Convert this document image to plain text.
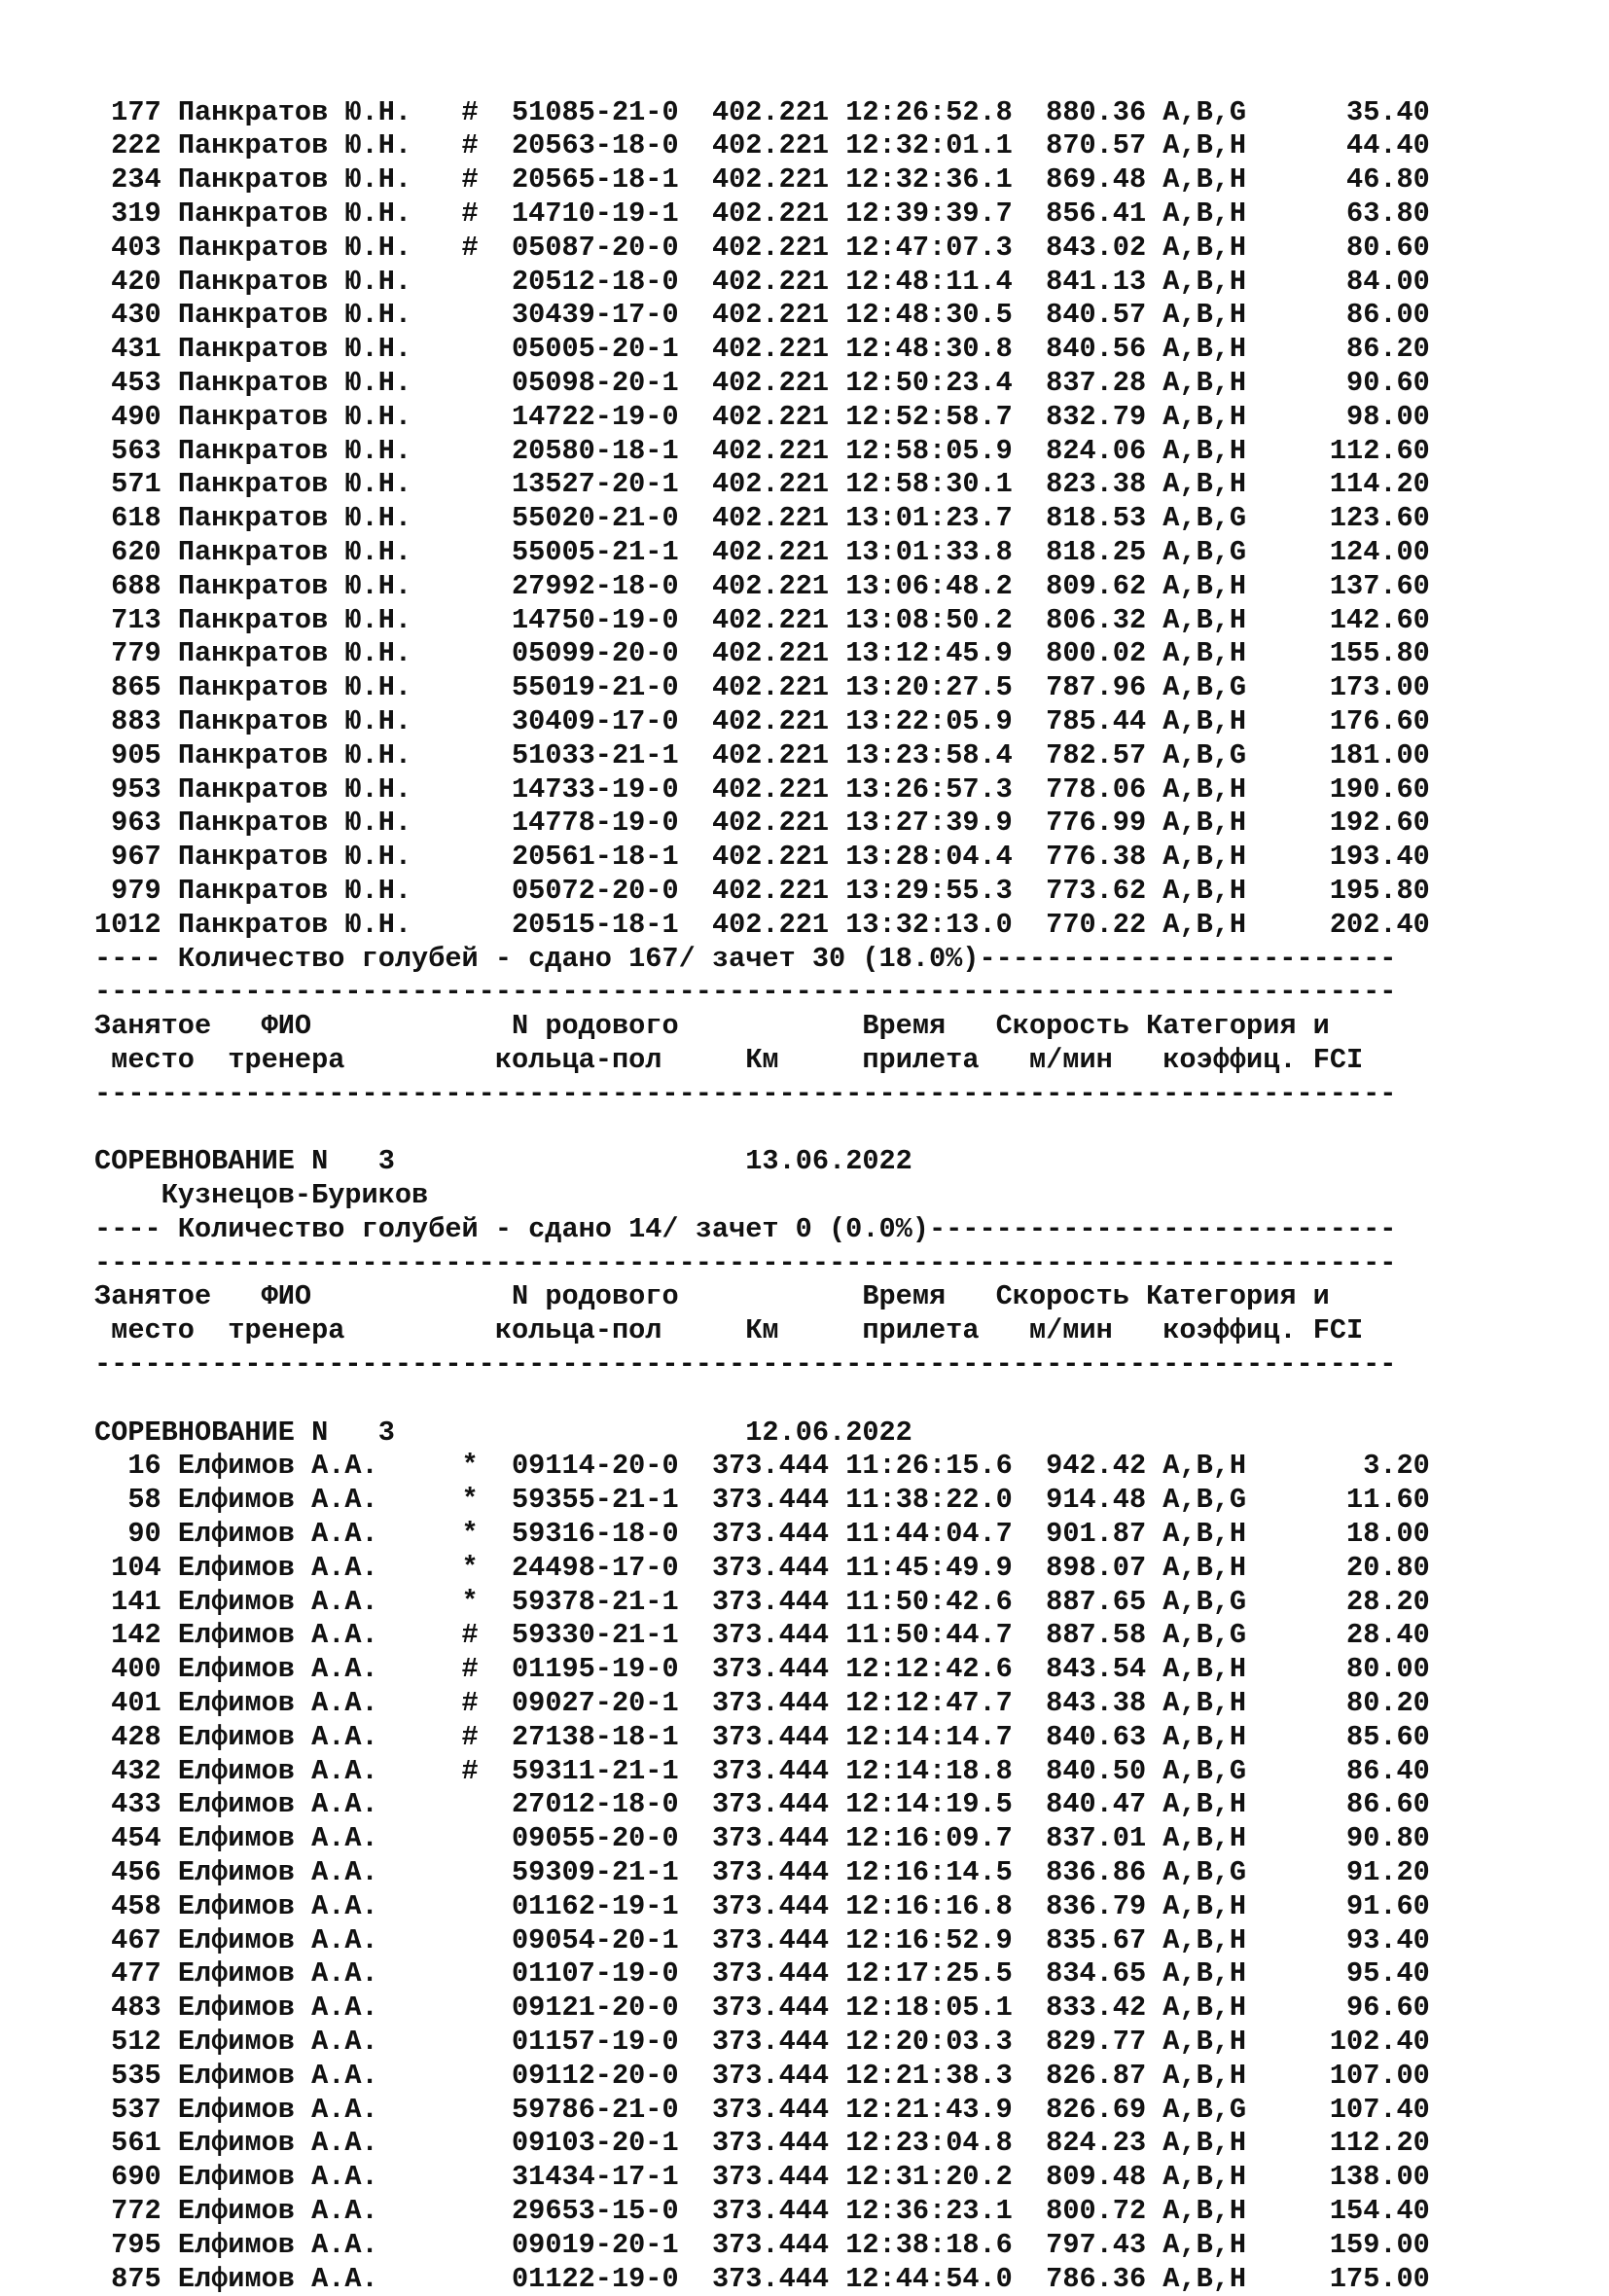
177 Панкратов Ю.Н.   #  51085-21-0 402.221 12:26:52.8 880.36 A,B,G      35.40
222 Панкратов Ю.Н.   #  20563-18-0 402.221 12:32:01.1 870.57 A,B,H      44.40
234 Панкратов Ю.Н.   #  20565-18-1 402.221 12:32:36.1 869.48 A,B,H      46.80
319 Панкратов Ю.Н.   #  14710-19-1 402.221 12:39:39.7 856.41 A,B,H      63.80
403 Панкратов Ю.Н.   #  05087-20-0 402.221 12:47:07.3 843.02 A,B,H      80.60
420 Панкратов Ю.Н.      20512-18-0 402.221 12:48:11.4 841.13 A,B,H      84.00
430 Панкратов Ю.Н.      30439-17-0 402.221 12:48:30.5 840.57 A,B,H      86.00
431 Панкратов Ю.Н.      05005-20-1 402.221 12:48:30.8 840.56 A,B,H      86.20
453 Панкратов Ю.Н.      05098-20-1 402.221 12:50:23.4 837.28 A,B,H      90.60
490 Панкратов Ю.Н.      14722-19-0 402.221 12:52:58.7 832.79 A,B,H      98.00
563 Панкратов Ю.Н.      20580-18-1 402.221 12:58:05.9 824.06 A,B,H     112.60
571 Панкратов Ю.Н.      13527-20-1 402.221 12:58:30.1 823.38 A,B,H     114.20
618 Панкратов Ю.Н.      55020-21-0 402.221 13:01:23.7 818.53 A,B,G     123.60
620 Панкратов Ю.Н.      55005-21-1 402.221 13:01:33.8 818.25 A,B,G     124.00
688 Панкратов Ю.Н.      27992-18-0 402.221 13:06:48.2 809.62 A,B,H     137.60
713 Панкратов Ю.Н.      14750-19-0 402.221 13:08:50.2 806.32 A,B,H     142.60
779 Панкратов Ю.Н.      05099-20-0 402.221 13:12:45.9 800.02 A,B,H     155.80
865 Панкратов Ю.Н.      55019-21-0 402.221 13:20:27.5 787.96 A,B,G     173.00
883 Панкратов Ю.Н.      30409-17-0 402.221 13:22:05.9 785.44 A,B,H     176.60
905 Панкратов Ю.Н.      51033-21-1 402.221 13:23:58.4 782.57 A,B,G     181.00
953 Панкратов Ю.Н.      14733-19-0 402.221 13:26:57.3 778.06 A,B,H     190.60
963 Панкратов Ю.Н.      14778-19-0 402.221 13:27:39.9 776.99 A,B,H     192.60
967 Панкратов Ю.Н.      20561-18-1 402.221 13:28:04.4 776.38 A,B,H     193.40
979 Панкратов Ю.Н.      05072-20-0 402.221 13:29:55.3 773.62 A,B,H     195.80
1012 Панкратов Ю.Н.      20515-18-1 402.221 13:32:13.0 770.22 A,B,H     202.40
---- Количество голубей - сдано 167/ зачет 30 (18.0%)-------------------------
------------------------------------------------------------------------------
Занятое ФИО	N родового	Время Скорость Категория и
место тренера	кольца-пол	Км	прилета м/мин коэффиц. FCI
------------------------------------------------------------------------------

СОРЕВНОВАНИЕ N 3	13.06.2022
Кузнецов-Буриков
---- Количество голубей - сдано 14/ зачет 0 (0.0%)----------------------------
------------------------------------------------------------------------------
Занятое ФИО	N родового	Время Скорость Категория и
место тренера	кольца-пол	Км	прилета м/мин коэффиц. FCI
------------------------------------------------------------------------------

СОРЕВНОВАНИЕ N 3	12.06.2022
16 Елфимов А.А.     *  09114-20-0 373.444 11:26:15.6 942.42 A,B,H       3.20
58 Елфимов А.А.     *  59355-21-1 373.444 11:38:22.0 914.48 A,B,G      11.60
90 Елфимов А.А.     *  59316-18-0 373.444 11:44:04.7 901.87 A,B,H      18.00
104 Елфимов А.А.     *  24498-17-0 373.444 11:45:49.9 898.07 A,B,H      20.80
141 Елфимов А.А.     *  59378-21-1 373.444 11:50:42.6 887.65 A,B,G      28.20
142 Елфимов А.А.     #  59330-21-1 373.444 11:50:44.7 887.58 A,B,G      28.40
400 Елфимов А.А.     #  01195-19-0 373.444 12:12:42.6 843.54 A,B,H      80.00
401 Елфимов А.А.     #  09027-20-1 373.444 12:12:47.7 843.38 A,B,H      80.20
428 Елфимов А.А.     #  27138-18-1 373.444 12:14:14.7 840.63 A,B,H      85.60
432 Елфимов А.А.     #  59311-21-1 373.444 12:14:18.8 840.50 A,B,G      86.40
433 Елфимов А.А.        27012-18-0 373.444 12:14:19.5 840.47 A,B,H      86.60
454 Елфимов А.А.        09055-20-0 373.444 12:16:09.7 837.01 A,B,H      90.80
456 Елфимов А.А.        59309-21-1 373.444 12:16:14.5 836.86 A,B,G      91.20
458 Елфимов А.А.        01162-19-1 373.444 12:16:16.8 836.79 A,B,H      91.60
467 Елфимов А.А.        09054-20-1 373.444 12:16:52.9 835.67 A,B,H      93.40
477 Елфимов А.А.        01107-19-0 373.444 12:17:25.5 834.65 A,B,H      95.40
483 Елфимов А.А.        09121-20-0 373.444 12:18:05.1 833.42 A,B,H      96.60
512 Елфимов А.А.        01157-19-0 373.444 12:20:03.3 829.77 A,B,H     102.40
535 Елфимов А.А.        09112-20-0 373.444 12:21:38.3 826.87 A,B,H     107.00
537 Елфимов А.А.        59786-21-0 373.444 12:21:43.9 826.69 A,B,G     107.40
561 Елфимов А.А.        09103-20-1 373.444 12:23:04.8 824.23 A,B,H     112.20
690 Елфимов А.А.        31434-17-1 373.444 12:31:20.2 809.48 A,B,H     138.00
772 Елфимов А.А.        29653-15-0 373.444 12:36:23.1 800.72 A,B,H     154.40
795 Елфимов А.А.        09019-20-1 373.444 12:38:18.6 797.43 A,B,H     159.00
875 Елфимов А.А.        01122-19-0 373.444 12:44:54.0 786.36 A,B,H     175.00
